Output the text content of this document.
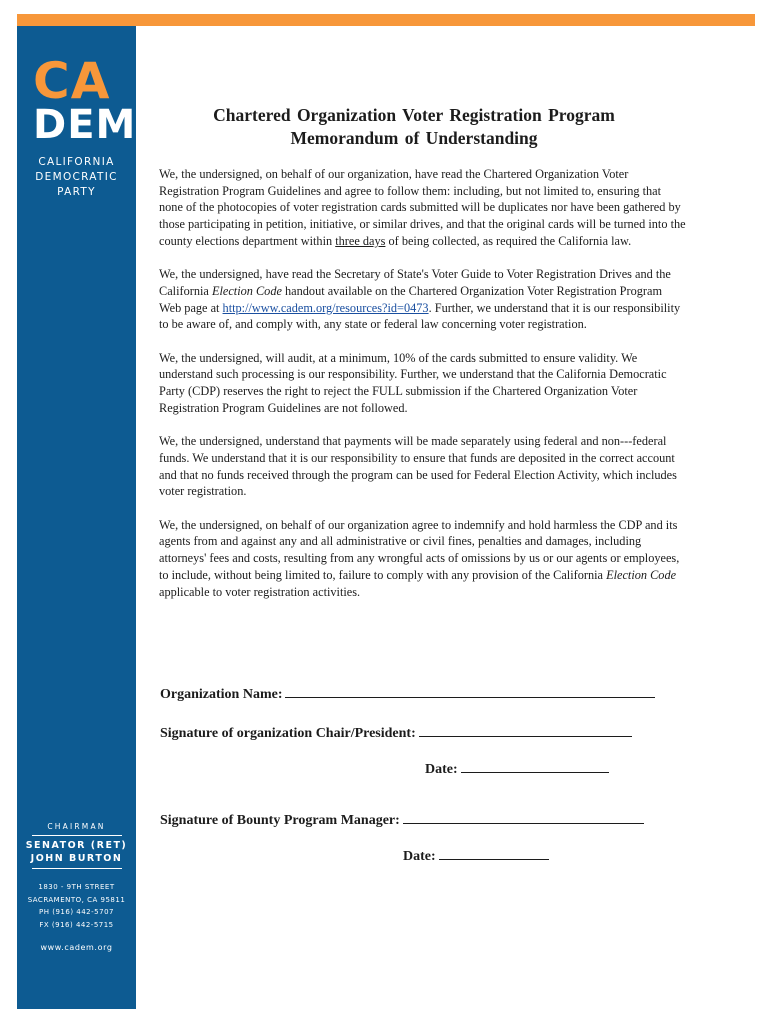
CA
DEM
CALIFORNIA
DEMOCRATIC
PARTY
CHAIRMAN
SENATOR (RET)
JOHN BURTON
1830 - 9TH STREET
SACRAMENTO, CA 95811
PH (916) 442-5707
FX (916) 442-5715
www.cadem.org
Chartered Organization Voter Registration Program
Memorandum of Understanding

We, the undersigned, on behalf of our organization, have read the Chartered Organization Voter Registration Program Guidelines and agree to follow them: including, but not limited to, ensuring that none of the photocopies of voter registration cards submitted will be duplicates nor have been gathered by those participating in petition, initiative, or similar drives, and that the original cards will be turned into the county elections department within three days of being collected, as required the California law.

We, the undersigned, have read the Secretary of State's Voter Guide to Voter Registration Drives and the California Election Code handout available on the Chartered Organization Voter Registration Program Web page at http://www.cadem.org/resources?id=0473. Further, we understand that it is our responsibility to be aware of, and comply with, any state or federal law concerning voter registration.

We, the undersigned, will audit, at a minimum, 10% of the cards submitted to ensure validity. We understand such processing is our responsibility. Further, we understand that the California Democratic Party (CDP) reserves the right to reject the FULL submission if the Chartered Organization Voter Registration Program Guidelines are not followed.

We, the undersigned, understand that payments will be made separately using federal and non---federal funds. We understand that it is our responsibility to ensure that funds are deposited in the correct account and that no funds received through the program can be used for Federal Election Activity, which includes voter registration.

We, the undersigned, on behalf of our organization agree to indemnify and hold harmless the CDP and its agents from and against any and all administrative or civil fines, penalties and damages, including attorneys' fees and costs, resulting from any wrongful acts of omissions by us or our agents or employees, to include, without being limited to, failure to comply with any provision of the California Election Code applicable to voter registration activities.

Organization Name:
Signature of organization Chair/President:
Date:
Signature of Bounty Program Manager:
Date:
